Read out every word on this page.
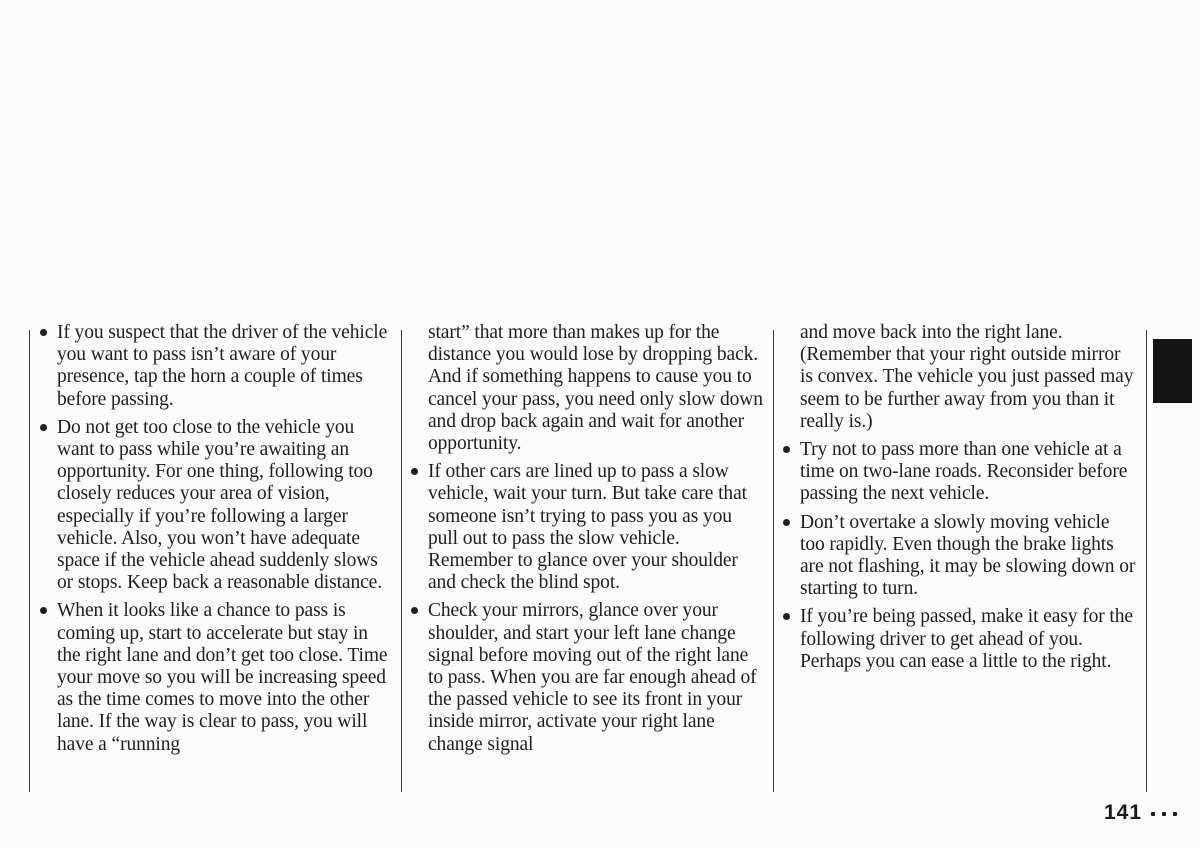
If you suspect that the driver of the vehicle you want to pass isn’t aware of your presence, tap the horn a couple of times before passing.

Do not get too close to the vehicle you want to pass while you’re awaiting an opportunity. For one thing, following too closely reduces your area of vision, especially if you’re following a larger vehicle. Also, you won’t have adequate space if the vehicle ahead suddenly slows or stops. Keep back a reasonable distance.

When it looks like a chance to pass is coming up, start to accelerate but stay in the right lane and don’t get too close. Time your move so you will be increasing speed as the time comes to move into the other lane. If the way is clear to pass, you will have a “running

start” that more than makes up for the distance you would lose by dropping back. And if something happens to cause you to cancel your pass, you need only slow down and drop back again and wait for another opportunity.

If other cars are lined up to pass a slow vehicle, wait your turn. But take care that someone isn’t trying to pass you as you pull out to pass the slow vehicle. Remember to glance over your shoulder and check the blind spot.

Check your mirrors, glance over your shoulder, and start your left lane change signal before moving out of the right lane to pass. When you are far enough ahead of the passed vehicle to see its front in your inside mirror, activate your right lane change signal

and move back into the right lane. (Remember that your right outside mirror is convex. The vehicle you just passed may seem to be further away from you than it really is.)

Try not to pass more than one vehicle at a time on two-lane roads. Reconsider before passing the next vehicle.

Don’t overtake a slowly moving vehicle too rapidly. Even though the brake lights are not flashing, it may be slowing down or starting to turn.

If you’re being passed, make it easy for the following driver to get ahead of you. Perhaps you can ease a little to the right.

141
